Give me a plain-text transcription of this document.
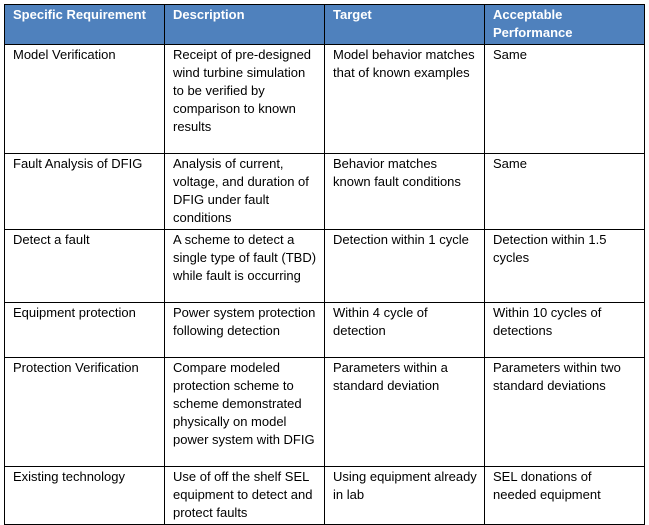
Specific Requirement	Description	Target	Acceptable Performance
Model Verification	Receipt of pre-designed wind turbine simulation to be verified by comparison to known results	Model behavior matches that of known examples	Same
Fault Analysis of DFIG	Analysis of current, voltage, and duration of DFIG under fault conditions	Behavior matches known fault conditions	Same
Detect a fault	A scheme to detect a single type of fault (TBD) while fault is occurring	Detection within 1 cycle	Detection within 1.5 cycles
Equipment protection	Power system protection following detection	Within 4 cycle of detection	Within 10 cycles of detections
Protection Verification	Compare modeled protection scheme to scheme demonstrated physically on model power system with DFIG	Parameters within a standard deviation	Parameters within two standard deviations
Existing technology	Use of off the shelf SEL equipment to detect and protect faults	Using equipment already in lab	SEL donations of needed equipment
